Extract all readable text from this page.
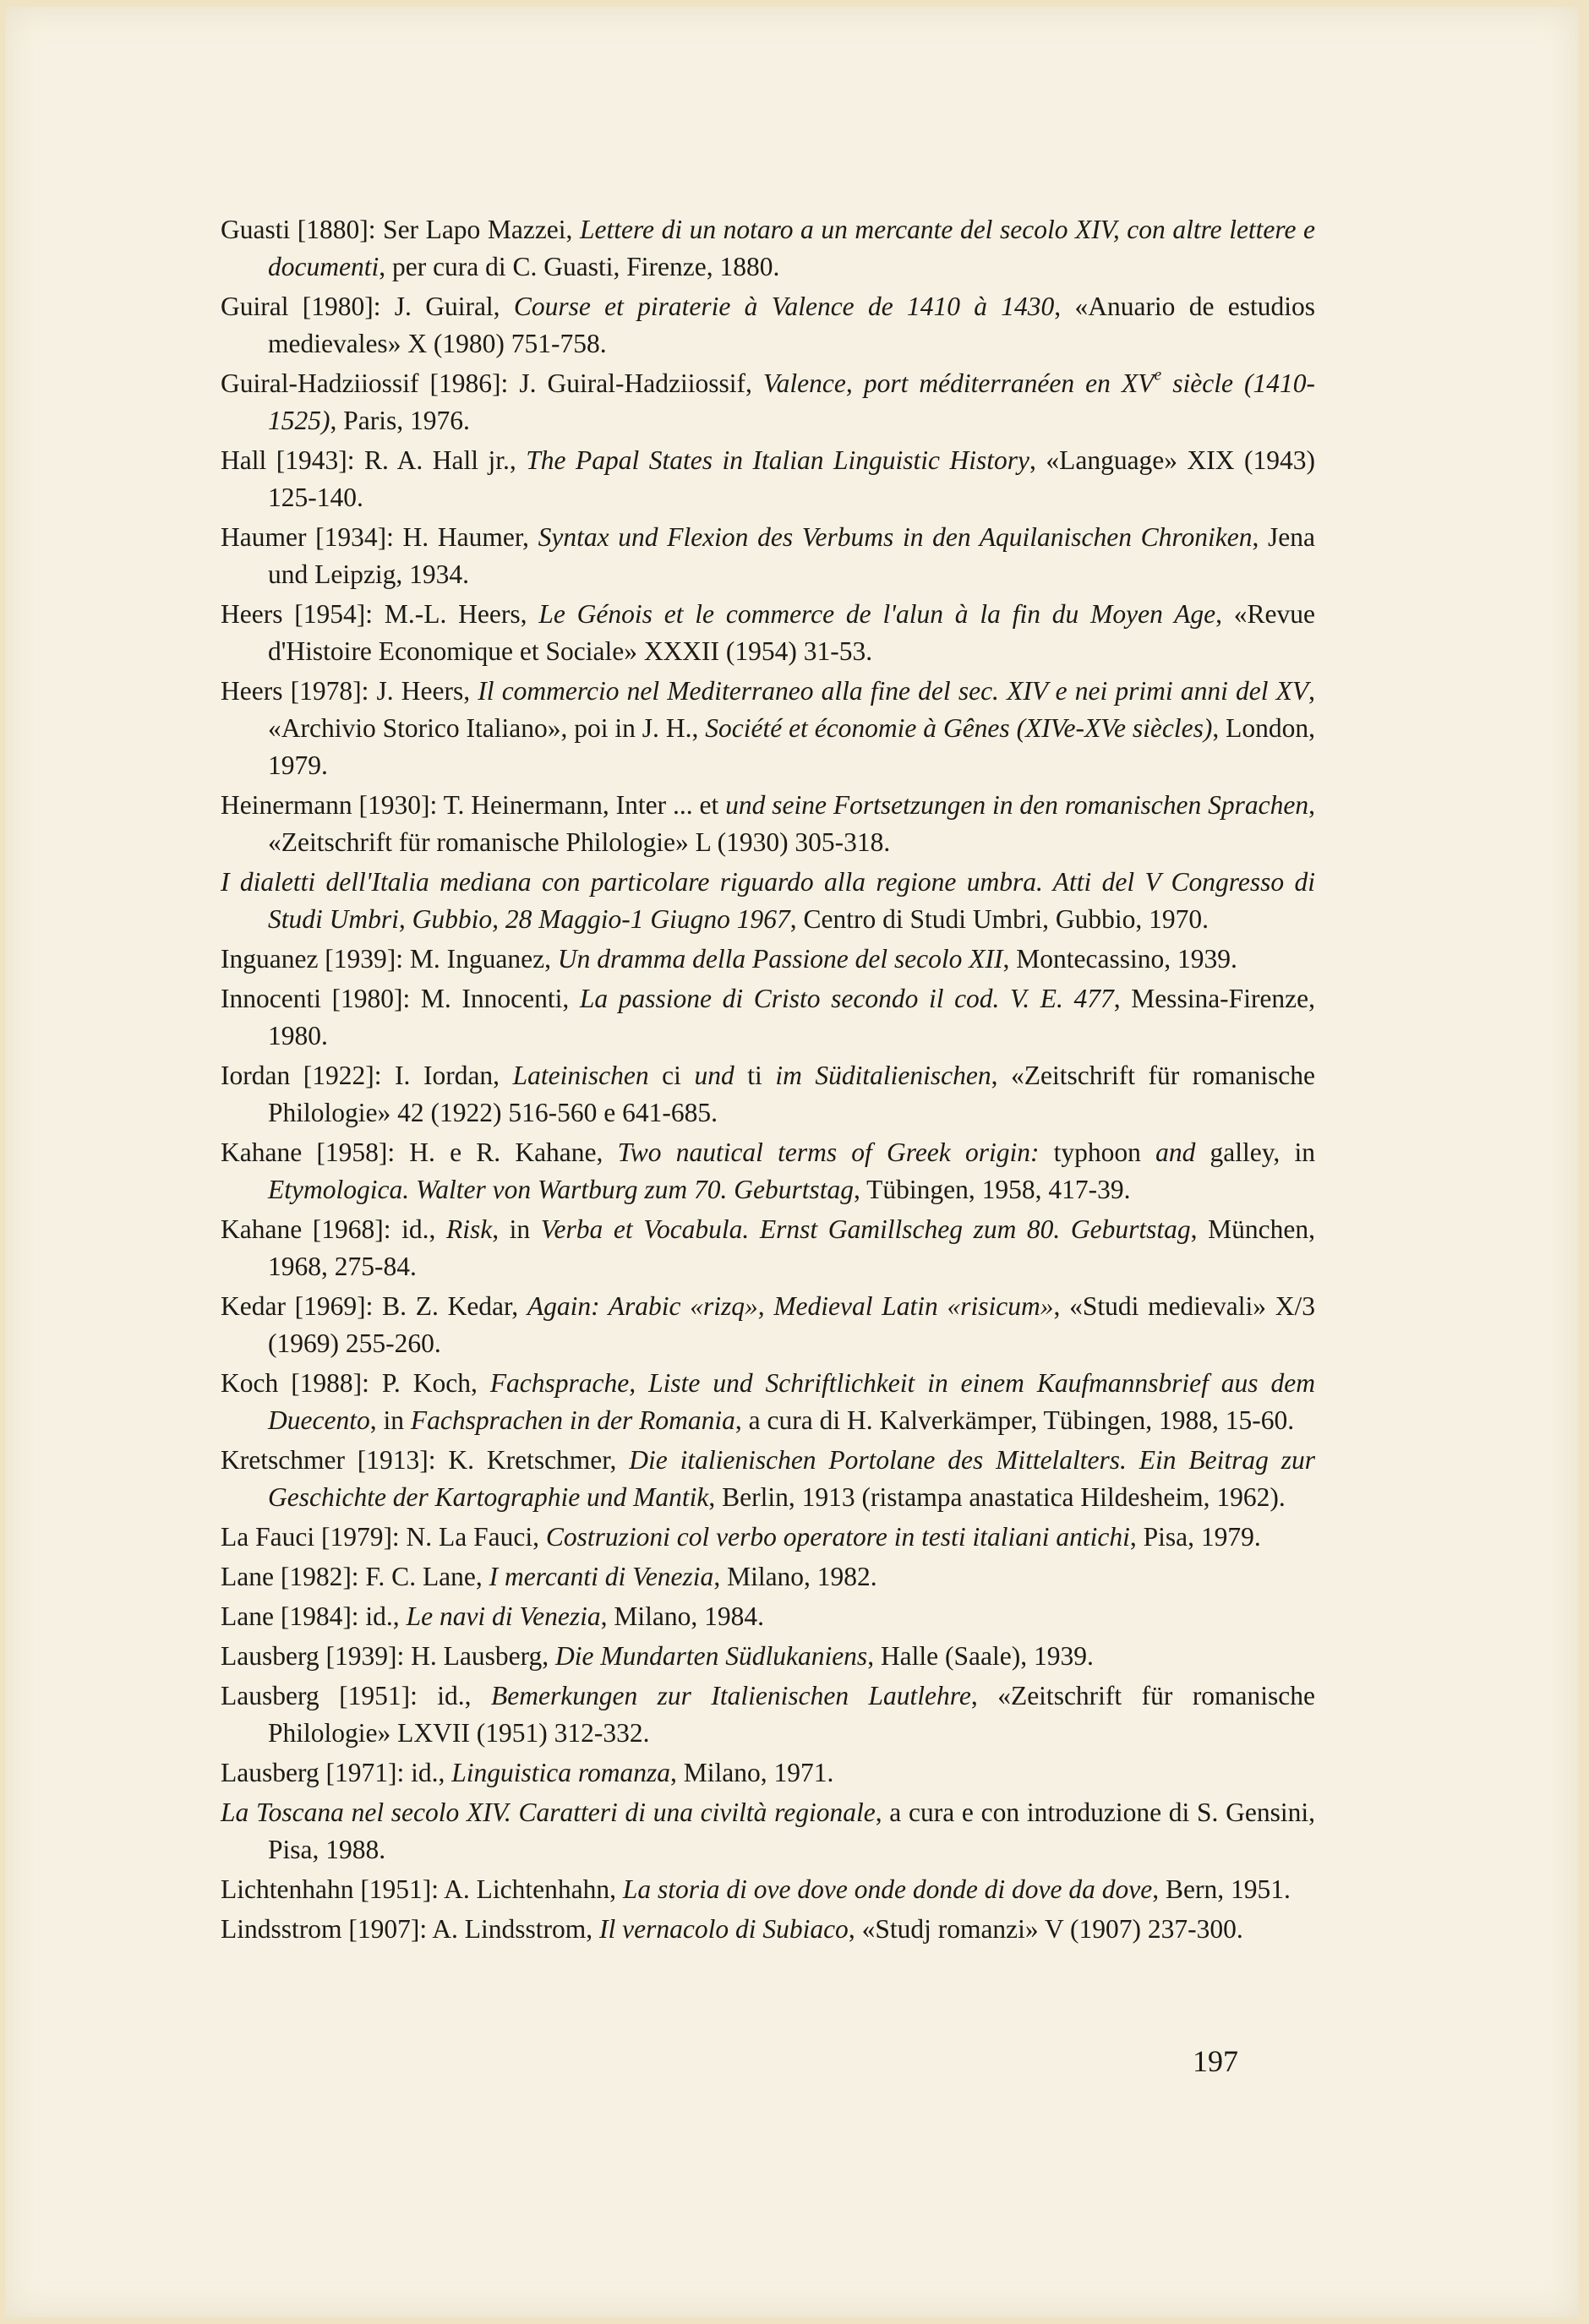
Guasti [1880]: Ser Lapo Mazzei, Lettere di un notaro a un mercante del secolo XIV, con altre lettere e documenti, per cura di C. Guasti, Firenze, 1880.

Guiral [1980]: J. Guiral, Course et piraterie à Valence de 1410 à 1430, «Anuario de estudios medievales» X (1980) 751-758.

Guiral-Hadziiossif [1986]: J. Guiral-Hadziiossif, Valence, port méditerranéen en XVe siècle (1410-1525), Paris, 1976.

Hall [1943]: R. A. Hall jr., The Papal States in Italian Linguistic History, «Language» XIX (1943) 125-140.

Haumer [1934]: H. Haumer, Syntax und Flexion des Verbums in den Aquilanischen Chroniken, Jena und Leipzig, 1934.

Heers [1954]: M.-L. Heers, Le Génois et le commerce de l'alun à la fin du Moyen Age, «Revue d'Histoire Economique et Sociale» XXXII (1954) 31-53.

Heers [1978]: J. Heers, Il commercio nel Mediterraneo alla fine del sec. XIV e nei primi anni del XV, «Archivio Storico Italiano», poi in J. H., Société et économie à Gênes (XIVe-XVe siècles), London, 1979.

Heinermann [1930]: T. Heinermann, Inter ... et und seine Fortsetzungen in den romanischen Sprachen, «Zeitschrift für romanische Philologie» L (1930) 305-318.

I dialetti dell'Italia mediana con particolare riguardo alla regione umbra. Atti del V Congresso di Studi Umbri, Gubbio, 28 Maggio-1 Giugno 1967, Centro di Studi Umbri, Gubbio, 1970.

Inguanez [1939]: M. Inguanez, Un dramma della Passione del secolo XII, Montecassino, 1939.

Innocenti [1980]: M. Innocenti, La passione di Cristo secondo il cod. V. E. 477, Messina-Firenze, 1980.

Iordan [1922]: I. Iordan, Lateinischen ci und ti im Süditalienischen, «Zeitschrift für romanische Philologie» 42 (1922) 516-560 e 641-685.

Kahane [1958]: H. e R. Kahane, Two nautical terms of Greek origin: typhoon and galley, in Etymologica. Walter von Wartburg zum 70. Geburtstag, Tübingen, 1958, 417-39.

Kahane [1968]: id., Risk, in Verba et Vocabula. Ernst Gamillscheg zum 80. Geburtstag, München, 1968, 275-84.

Kedar [1969]: B. Z. Kedar, Again: Arabic «rizq», Medieval Latin «risicum», «Studi medievali» X/3 (1969) 255-260.

Koch [1988]: P. Koch, Fachsprache, Liste und Schriftlichkeit in einem Kaufmannsbrief aus dem Duecento, in Fachsprachen in der Romania, a cura di H. Kalverkämper, Tübingen, 1988, 15-60.

Kretschmer [1913]: K. Kretschmer, Die italienischen Portolane des Mittelalters. Ein Beitrag zur Geschichte der Kartographie und Mantik, Berlin, 1913 (ristampa anastatica Hildesheim, 1962).

La Fauci [1979]: N. La Fauci, Costruzioni col verbo operatore in testi italiani antichi, Pisa, 1979.

Lane [1982]: F. C. Lane, I mercanti di Venezia, Milano, 1982.

Lane [1984]: id., Le navi di Venezia, Milano, 1984.

Lausberg [1939]: H. Lausberg, Die Mundarten Südlukaniens, Halle (Saale), 1939.

Lausberg [1951]: id., Bemerkungen zur Italienischen Lautlehre, «Zeitschrift für romanische Philologie» LXVII (1951) 312-332.

Lausberg [1971]: id., Linguistica romanza, Milano, 1971.

La Toscana nel secolo XIV. Caratteri di una civiltà regionale, a cura e con introduzione di S. Gensini, Pisa, 1988.

Lichtenhahn [1951]: A. Lichtenhahn, La storia di ove dove onde donde di dove da dove, Bern, 1951.

Lindsstrom [1907]: A. Lindsstrom, Il vernacolo di Subiaco, «Studj romanzi» V (1907) 237-300.

197
